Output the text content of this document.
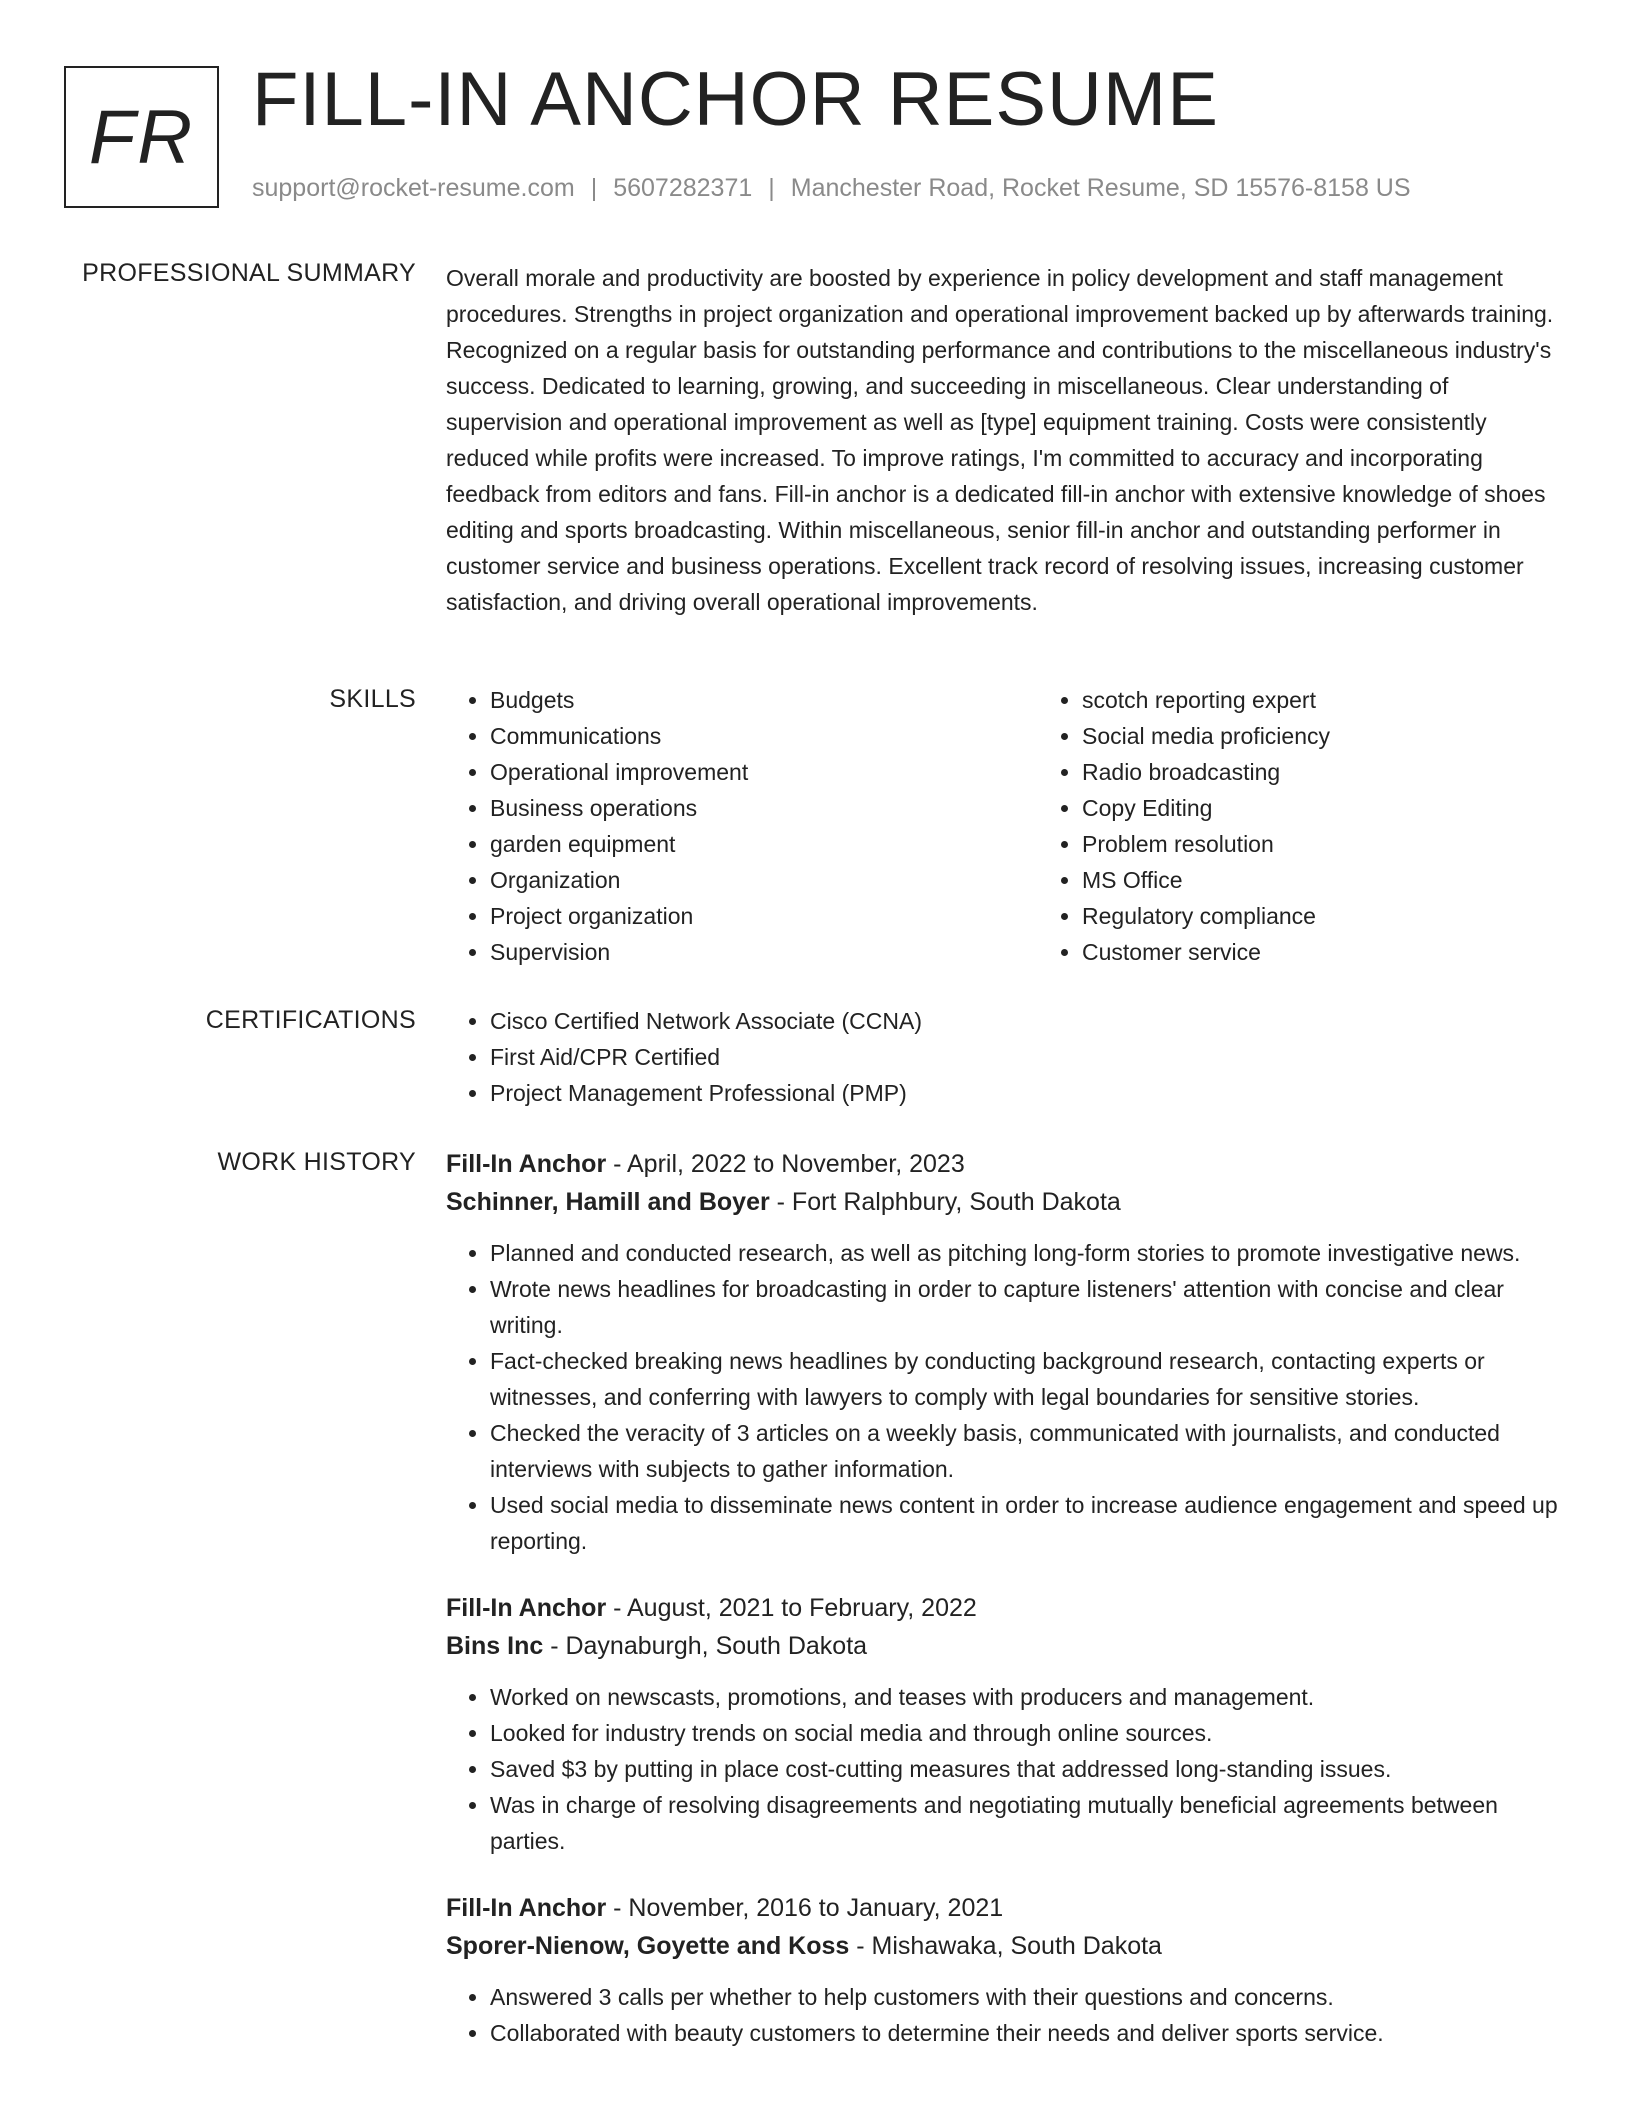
FR FILL-IN ANCHOR RESUME
support@rocket-resume.com | 5607282371 | Manchester Road, Rocket Resume, SD 15576-8158 US
PROFESSIONAL SUMMARY Overall morale and productivity are boosted by experience in policy development and staff management procedures. Strengths in project organization and operational improvement backed up by afterwards training. Recognized on a regular basis for outstanding performance and contributions to the miscellaneous industry's success. Dedicated to learning, growing, and succeeding in miscellaneous. Clear understanding of supervision and operational improvement as well as [type] equipment training. Costs were consistently reduced while profits were increased. To improve ratings, I'm committed to accuracy and incorporating feedback from editors and fans. Fill-in anchor is a dedicated fill-in anchor with extensive knowledge of shoes editing and sports broadcasting. Within miscellaneous, senior fill-in anchor and outstanding performer in customer service and business operations. Excellent track record of resolving issues, increasing customer satisfaction, and driving overall operational improvements.

SKILLS	• Budgets
• Communications
• Operational improvement
• Business operations
• garden equipment
• Organization
• Project organization
• Supervision
• scotch reporting expert
• Social media proficiency
• Radio broadcasting
• Copy Editing
• Problem resolution
• MS Office
• Regulatory compliance
• Customer service
CERTIFICATIONS	• Cisco Certified Network Associate (CCNA)
• First Aid/CPR Certified
• Project Management Professional (PMP)
WORK HISTORY Fill-In Anchor - April, 2022 to November, 2023
Schinner, Hamill and Boyer - Fort Ralphbury, South Dakota
• Planned and conducted research, as well as pitching long-form stories to promote investigative news.
• Wrote news headlines for broadcasting in order to capture listeners' attention with concise and clear writing.
• Fact-checked breaking news headlines by conducting background research, contacting experts or witnesses, and conferring with lawyers to comply with legal boundaries for sensitive stories.
• Checked the veracity of 3 articles on a weekly basis, communicated with journalists, and conducted interviews with subjects to gather information.
• Used social media to disseminate news content in order to increase audience engagement and speed up reporting.
Fill-In Anchor - August, 2021 to February, 2022
Bins Inc - Daynaburgh, South Dakota
• Worked on newscasts, promotions, and teases with producers and management.
• Looked for industry trends on social media and through online sources.
• Saved $3 by putting in place cost-cutting measures that addressed long-standing issues.
• Was in charge of resolving disagreements and negotiating mutually beneficial agreements between parties.
Fill-In Anchor - November, 2016 to January, 2021
Sporer-Nienow, Goyette and Koss - Mishawaka, South Dakota
• Answered 3 calls per whether to help customers with their questions and concerns.
• Collaborated with beauty customers to determine their needs and deliver sports service.
